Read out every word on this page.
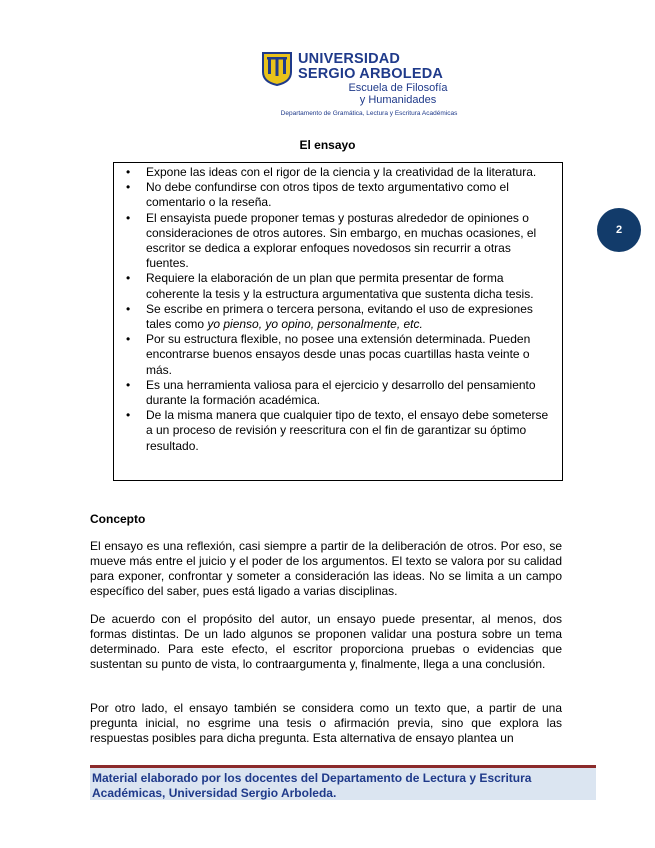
UNIVERSIDAD
SERGIO ARBOLEDA
Escuela de Filosofía
y Humanidades
Departamento de Gramática, Lectura y Escritura Académicas
El ensayo
2
• Expone las ideas con el rigor de la ciencia y la creatividad de la literatura.
• No debe confundirse con otros tipos de texto argumentativo como el comentario o la reseña.
• El ensayista puede proponer temas y posturas alrededor de opiniones o consideraciones de otros autores. Sin embargo, en muchas ocasiones, el escritor se dedica a explorar enfoques novedosos sin recurrir a otras fuentes.
• Requiere la elaboración de un plan que permita presentar de forma coherente la tesis y la estructura argumentativa que sustenta dicha tesis.
• Se escribe en primera o tercera persona, evitando el uso de expresiones tales como yo pienso, yo opino, personalmente, etc.
• Por su estructura flexible, no posee una extensión determinada. Pueden encontrarse buenos ensayos desde unas pocas cuartillas hasta veinte o más.
• Es una herramienta valiosa para el ejercicio y desarrollo del pensamiento durante la formación académica.
• De la misma manera que cualquier tipo de texto, el ensayo debe someterse a un proceso de revisión y reescritura con el fin de garantizar su óptimo resultado.
Concepto

El ensayo es una reflexión, casi siempre a partir de la deliberación de otros. Por eso, se mueve más entre el juicio y el poder de los argumentos. El texto se valora por su calidad para exponer, confrontar y someter a consideración las ideas. No se limita a un campo específico del saber, pues está ligado a varias disciplinas.

De acuerdo con el propósito del autor, un ensayo puede presentar, al menos, dos formas distintas. De un lado algunos se proponen validar una postura sobre un tema determinado. Para este efecto, el escritor proporciona pruebas o evidencias que sustentan su punto de vista, lo contraargumenta y, finalmente, llega a una conclusión.

Por otro lado, el ensayo también se considera como un texto que, a partir de una pregunta inicial, no esgrime una tesis o afirmación previa, sino que explora las respuestas posibles para dicha pregunta. Esta alternativa de ensayo plantea un

Material elaborado por los docentes del Departamento de Lectura y Escritura
Académicas, Universidad Sergio Arboleda.
